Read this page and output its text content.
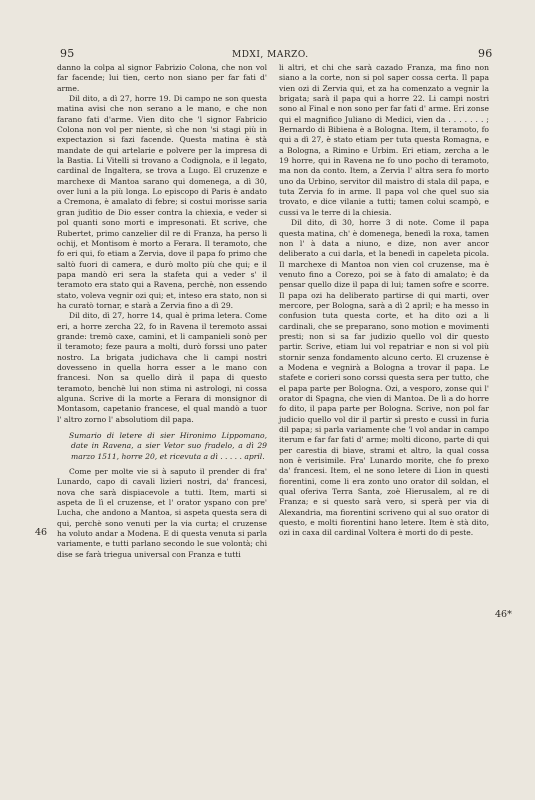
95	MDXI, MARZO.	96
46
46*

danno la colpa al signor Fabrizio Colona, che non vol far facende; lui tien, certo non siano per far fati d' arme.

Dil dito, a dì 27, horre 19. Di campo ne son questa matina avisi che non serano a le mano, e che non farano fati d'arme. Vien dito che 'l signor Fabricio Colona non vol per niente, sì che non 'si stagi più in expectazion si fazi facende. Questa matina è stà mandate de qui artelarie e polvere per la impresa di la Bastia. Li Vitelli si trovano a Codignola, e il legato, cardinal de Ingaltera, se trova a Lugo. El cruzenze e marchexe di Mantoa sarano qui domenega, a dì 30, over luni a la più longa. Lo episcopo di Paris è andato a Cremona, è amalato di febre; si costui morisse saria gran judìtio de Dio esser contra la chiexia, e veder si pol quanti sono morti e impresonati. Et scrive, che Rubertet, primo canzelier dil re di Franza, ha perso li ochij, et Montisom è morto a Ferara. Il teramoto, che fo eri qui, fo etiam a Zervia, dove il papa fo primo che saltò fuori di camera, e durò molto più che qui; e il papa mandò eri sera la stafeta qui a veder s' il teramoto era stato qui a Ravena, perchè, non essendo stato, voleva vegnir ozi qui; et, inteso era stato, non si ha curatò tornar, e starà a Zervia fino a dì 29.

Dil dito, dì 27, horre 14, qual è prima letera. Come eri, a horre zercha 22, fo in Ravena il teremoto assai grande: tremò caxe, camini, et li campanieli sonò per il teramoto; feze paura a molti, durò forssi uno pater nostro. La brigata judichava che li campi nostri dovesseno in quella horra esser a le mano con francesi. Non sa quello dirà il papa di questo teramoto, benchè lui non stima ni astrologi, ni cossa alguna. Scrive di la morte a Ferara di monsignor di Montasom, capetanio francese, el qual mandò a tuor l' altro zorno l' absolutiom dil papa.

Sumario di letere di sier Hironimo Lippomano, date in Ravena, a sier Vetor suo fradelo, a dì 29 marzo 1511, horre 20, et ricevuta a dì . . . . . april.

Come per molte vie si à saputo il prender di fra' Lunardo, capo di cavali lizieri nostri, da' francesi, nova che sarà dispiacevole a tutti. Item, marti si aspeta de lì el cruzense, et l' orator yspano con pre' Lucha, che andono a Mantoa, si aspeta questa sera di qui, perchè sono venuti per la via curta; el cruzense ha voluto andar a Modena. E di questa venuta si parla variamente, e tutti parlano secondo le sue volontà; chi dise se farà triegua universal con Franza e tutti

li altri, et chi che sarà cazado Franza, ma fino non siano a la corte, non si pol saper cossa certa. Il papa vien ozi di Zervia qui, et za ha comenzato a vegnir la brigata; sarà il papa qui a horre 22. Li campi nostri sono al Final e non sono per far fati d' arme. Eri zonse qui el magnifico Juliano di Medici, vien da . . . . . . . ; Bernardo di Bibiena è a Bologna. Item, il teramoto, fo qui a dì 27, è stato etiam per tuta questa Romagna, e a Bologna, a Rimino e Urbim. Eri etiam, zercha a le 19 horre, qui in Ravena ne fo uno pocho di teramoto, ma non da conto. Item, a Zervia l' altra sera fo morto uno da Urbino, servitor dil maistro di stala dil papa, e tuta Zervia fo in arme. Il papa vol che quel suo sia trovato, e dice vilanie a tutti; tamen colui scampò, e cussi va le terre di la chiesia.

Dil dito, dì 30, horre 3 di note. Come il papa questa matina, ch' è domenega, benedì la roxa, tamen non l' à data a niuno, e dize, non aver ancor deliberato a cui darla, et la benedì in capeleta picola. Il marchexe di Mantoa non vien col cruzense, ma è venuto fino a Corezo, poi se à fato di amalato; è da pensar quello dize il papa di lui; tamen sofre e scorre. Il papa ozi ha deliberato partirse di qui marti, over mercore, per Bologna, sarà a dì 2 april; e ha messo in confusion tuta questa corte, et ha dito ozi a li cardinali, che se preparano, sono motion e movimenti presti; non si sa far judizio quello vol dir questo partir. Scrive, etiam lui vol repatriar e non si vol più stornir senza fondamento alcuno certo. El cruzense è a Modena e vegnirà a Bologna a trovar il papa. Le stafete e corieri sono corssi questa sera per tutto, che el papa parte per Bologna. Ozi, a vesporo, zonse qui l' orator di Spagna, che vien di Mantoa. De lì a do horre fo dito, il papa parte per Bologna. Scrive, non pol far judicio quello vol dir il partir sì presto e cussì in furia dil papa; si parla variamente che 'l vol andar in campo iterum e far far fati d' arme; molti dicono, parte di qui per carestia di biave, strami et altro, la qual cossa non è verisimile. Fra' Lunardo morite, che fo prexo da' francesi. Item, el ne sono letere di Lion in questi fiorentini, come li era zonto uno orator dil soldan, el qual oferiva Terra Santa, zoè Hierusalem, al re di Franza; e si questo sarà vero, si sperà per via di Alexandria, ma fiorentini scriveno qui al suo orator di questo, e molti fiorentini hano letere. Item è stà dito, ozi in caxa dil cardinal Voltera è morti do di peste.
